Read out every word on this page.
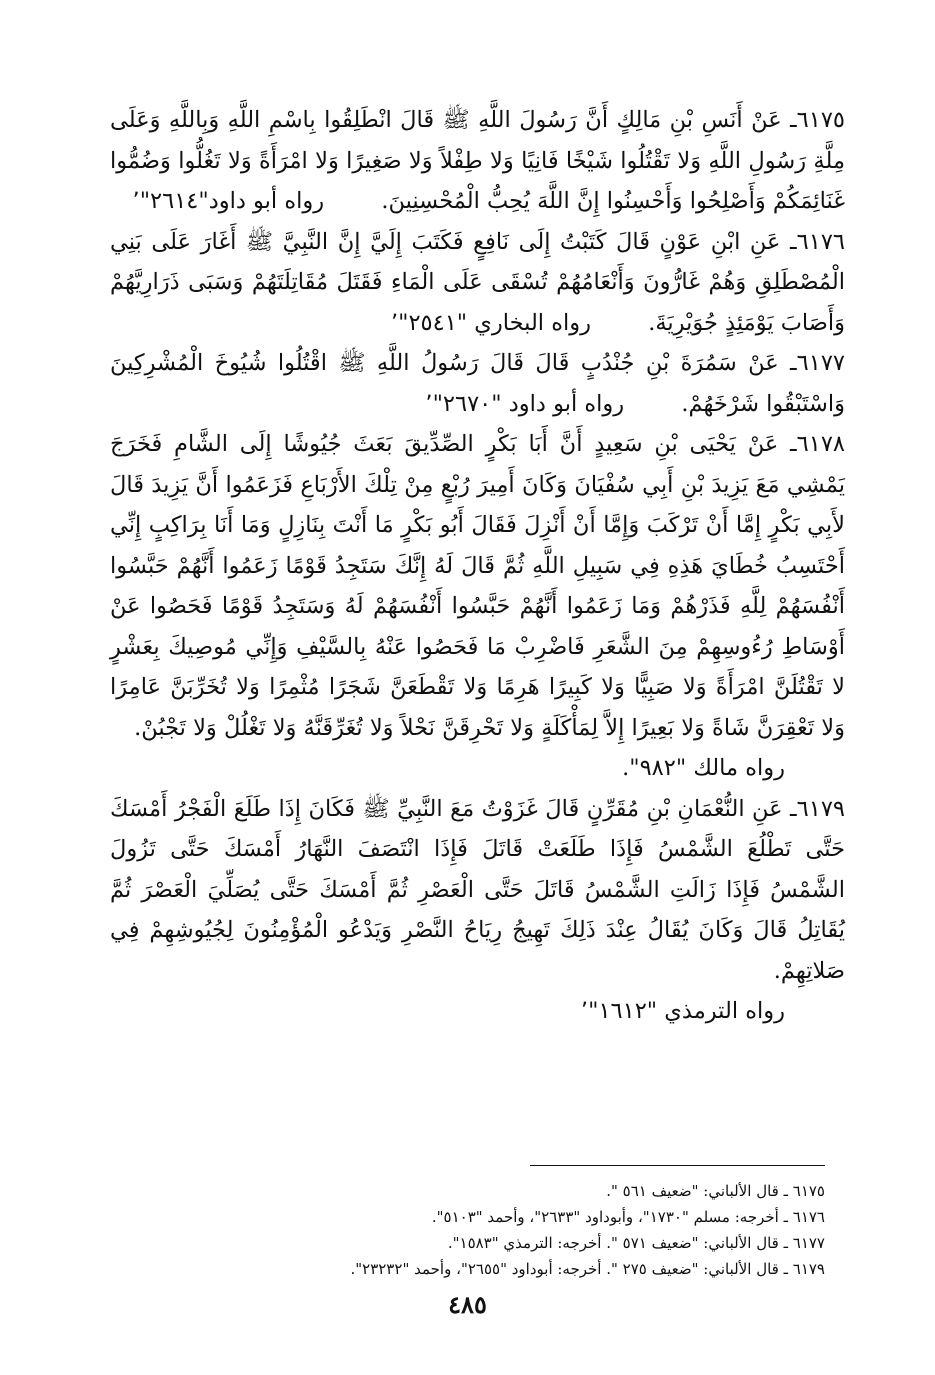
٦١٧٥ـ عَنْ أَنَسِ بْنِ مَالِكٍ أَنَّ رَسُولَ اللَّهِ ﷺ قَالَ انْطَلِقُوا بِاسْمِ اللَّهِ وَبِاللَّهِ وَعَلَى مِلَّةِ رَسُولِ اللَّهِ وَلا تَقْتُلُوا شَيْخًا فَانِيًا وَلا طِفْلاً وَلا صَغِيرًا وَلا امْرَأَةً وَلا تَغُلُّوا وَضُمُّوا غَنَائِمَكُمْ وَأَصْلِحُوا وَأَحْسِنُوا إِنَّ اللَّهَ يُحِبُّ الْمُحْسِنِينَ.        رواه أبو داود"٢٦١٤"٬

٦١٧٦ـ عَنِ ابْنِ عَوْنٍ قَالَ كَتَبْتُ إِلَى نَافِعٍ فَكَتَبَ إِلَيَّ إِنَّ النَّبِيَّ ﷺ أَغَارَ عَلَى بَنِي الْمُصْطَلِقِ وَهُمْ غَارُّونَ وَأَنْعَامُهُمْ تُسْقَى عَلَى الْمَاءِ فَقَتَلَ مُقَاتِلَتَهُمْ وَسَبَى ذَرَارِيَّهُمْ وَأَصَابَ يَوْمَئِذٍ جُوَيْرِيَةَ.        رواه البخاري "٢٥٤١"٬

٦١٧٧ـ عَنْ سَمُرَةَ بْنِ جُنْدُبٍ قَالَ قَالَ رَسُولُ اللَّهِ ﷺ اقْتُلُوا شُيُوخَ الْمُشْرِكِينَ وَاسْتَبْقُوا شَرْخَهُمْ.        رواه أبو داود "٢٦٧٠"٬

٦١٧٨ـ عَنْ يَحْيَى بْنِ سَعِيدٍ أَنَّ أَبَا بَكْرٍ الصِّدِّيقَ بَعَثَ جُيُوشًا إِلَى الشَّامِ فَخَرَجَ يَمْشِي مَعَ يَزِيدَ بْنِ أَبِي سُفْيَانَ وَكَانَ أَمِيرَ رُبْعٍ مِنْ تِلْكَ الأَرْبَاعِ فَزَعَمُوا أَنَّ يَزِيدَ قَالَ لأَبِي بَكْرٍ إِمَّا أَنْ تَرْكَبَ وَإِمَّا أَنْ أَنْزِلَ فَقَالَ أَبُو بَكْرٍ مَا أَنْتَ بِنَازِلٍ وَمَا أَنَا بِرَاكِبٍ إِنِّي أَحْتَسِبُ خُطَايَ هَذِهِ فِي سَبِيلِ اللَّهِ ثُمَّ قَالَ لَهُ إِنَّكَ سَتَجِدُ قَوْمًا زَعَمُوا أَنَّهُمْ حَبَّسُوا أَنْفُسَهُمْ لِلَّهِ فَذَرْهُمْ وَمَا زَعَمُوا أَنَّهُمْ حَبَّسُوا أَنْفُسَهُمْ لَهُ وَسَتَجِدُ قَوْمًا فَحَصُوا عَنْ أَوْسَاطِ رُءُوسِهِمْ مِنَ الشَّعَرِ فَاضْرِبْ مَا فَحَصُوا عَنْهُ بِالسَّيْفِ وَإِنِّي مُوصِيكَ بِعَشْرٍ لا تَقْتُلَنَّ امْرَأَةً وَلا صَبِيًّا وَلا كَبِيرًا هَرِمًا وَلا تَقْطَعَنَّ شَجَرًا مُثْمِرًا وَلا تُخَرِّبَنَّ عَامِرًا وَلا تَعْقِرَنَّ شَاةً وَلا بَعِيرًا إِلاَّ لِمَأْكَلَةٍ وَلا تَحْرِقَنَّ نَحْلاً وَلا تُغَرِّقَنَّهُ وَلا تَغْلُلْ وَلا تَجْبُنْ.

رواه مالك "٩٨٢".

٦١٧٩ـ عَنِ النُّعْمَانِ بْنِ مُقَرِّنٍ قَالَ غَزَوْتُ مَعَ النَّبِيِّ ﷺ فَكَانَ إِذَا طَلَعَ الْفَجْرُ أَمْسَكَ حَتَّى تَطْلُعَ الشَّمْسُ فَإِذَا طَلَعَتْ قَاتَلَ فَإِذَا انْتَصَفَ النَّهَارُ أَمْسَكَ حَتَّى تَزُولَ الشَّمْسُ فَإِذَا زَالَتِ الشَّمْسُ قَاتَلَ حَتَّى الْعَصْرِ ثُمَّ أَمْسَكَ حَتَّى يُصَلِّيَ الْعَصْرَ ثُمَّ يُقَاتِلُ قَالَ وَكَانَ يُقَالُ عِنْدَ ذَلِكَ تَهِيجُ رِيَاحُ النَّصْرِ وَيَدْعُو الْمُؤْمِنُونَ لِجُيُوشِهِمْ فِي صَلاتِهِمْ.

رواه الترمذي "١٦١٢"٬

٦١٧٥ ـ قال الألباني: "ضعيف ٥٦١ ".

٦١٧٦ ـ أخرجه: مسلم "١٧٣٠"، وأبوداود "٢٦٣٣"، وأحمد "٥١٠٣".

٦١٧٧ ـ قال الألباني: "ضعيف ٥٧١ ". أخرجه: الترمذي "١٥٨٣".

٦١٧٩ ـ قال الألباني: "ضعيف ٢٧٥ ". أخرجه: أبوداود "٢٦٥٥"، وأحمد "٢٣٢٣٢".

٤٨٥
